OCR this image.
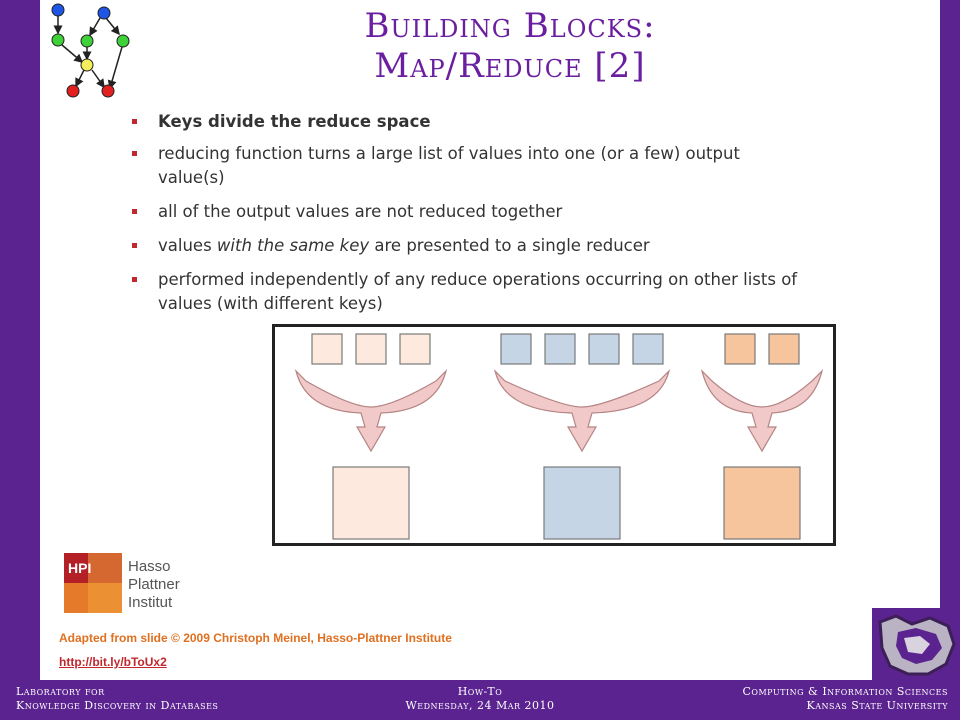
Building Blocks:
Map/Reduce [2]
Keys divide the reduce space
reducing function turns a large list of values into one (or a few) output value(s)
all of the output values are not reduced together
values with the same key are presented to a single reducer
performed independently of any reduce operations occurring on other lists of values (with different keys)
HPI Hasso
Plattner
Institut
Adapted from slide © 2009 Christoph Meinel, Hasso-Plattner Institute
http://bit.ly/bToUx2
Laboratory for
Knowledge Discovery in Databases
How-To
Wednesday, 24 Mar 2010
Computing & Information Sciences
Kansas State University
